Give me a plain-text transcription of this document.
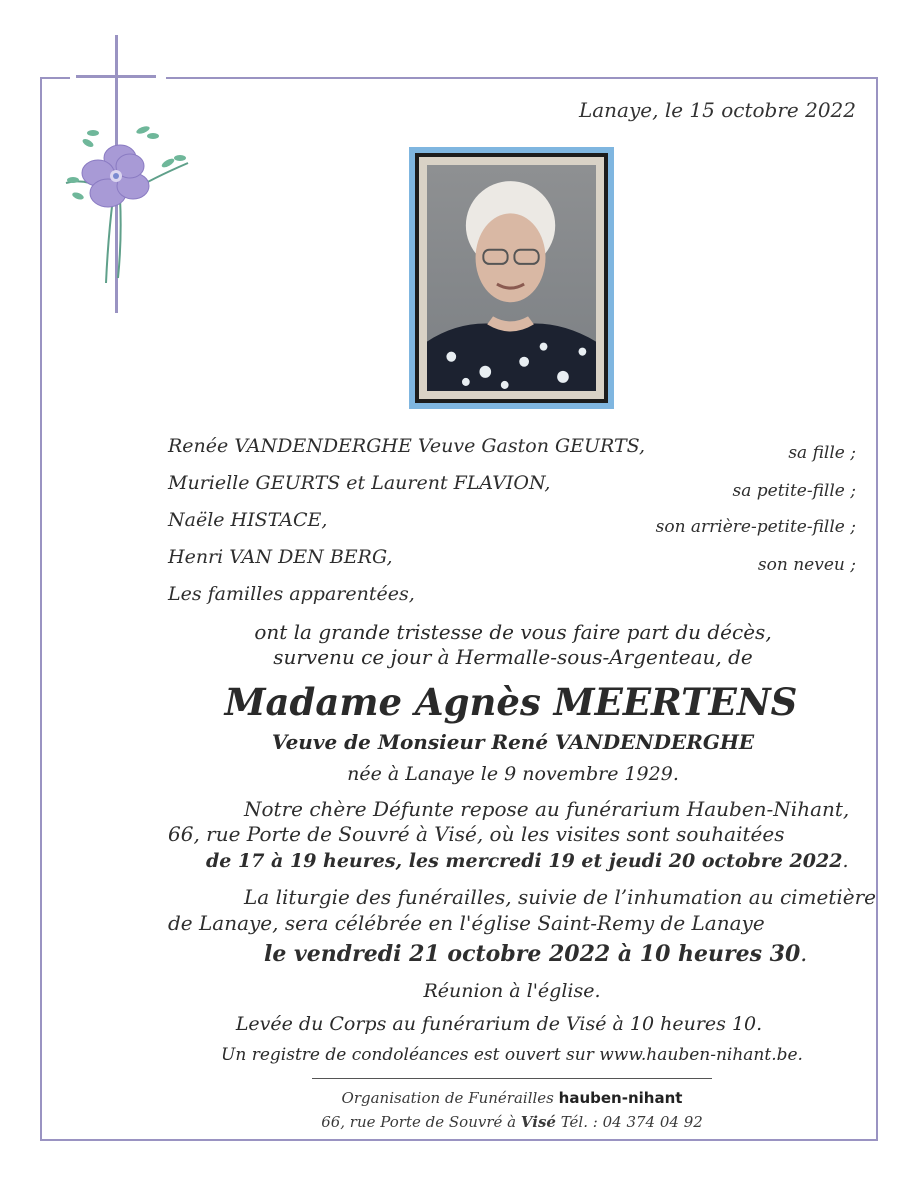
Lanaye, le 15 octobre 2022
Renée VANDENDERGHE Veuve Gaston GEURTS,	sa fille ;
Murielle GEURTS et Laurent FLAVION,	sa petite-fille ;
Naële HISTACE,	son arrière-petite-fille ;
Henri VAN DEN BERG,	son neveu ;
Les familles apparentées,
ont la grande tristesse de vous faire part du décès,
survenu ce jour à Hermalle-sous-Argenteau, de
Madame Agnès MEERTENS
Veuve de Monsieur René VANDENDERGHE
née à Lanaye le 9 novembre 1929.
Notre chère Défunte repose au funérarium Hauben-Nihant,
66, rue Porte de Souvré à Visé, où les visites sont souhaitées
de 17 à 19 heures, les mercredi 19 et jeudi 20 octobre 2022.
La liturgie des funérailles, suivie de l’inhumation au cimetière
de Lanaye, sera célébrée en l'église Saint-Remy de Lanaye
le vendredi 21 octobre 2022 à 10 heures 30.
Réunion à l'église.
Levée du Corps au funérarium de Visé à 10 heures 10.
Un registre de condoléances est ouvert sur www.hauben-nihant.be.
Organisation de Funérailles hauben-nihant
66, rue Porte de Souvré à Visé Tél. : 04 374 04 92
